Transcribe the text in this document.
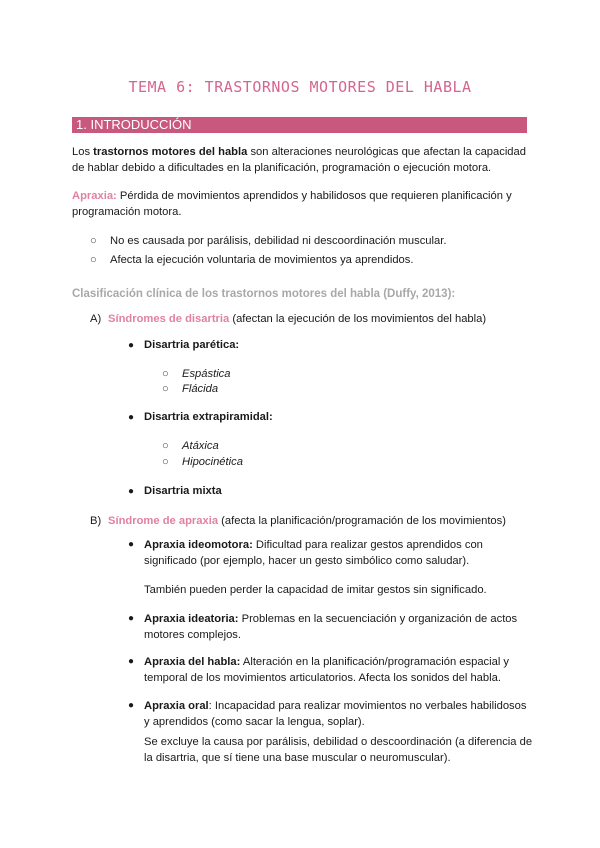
TEMA 6: TRASTORNOS MOTORES DEL HABLA
1. INTRODUCCIÓN

Los trastornos motores del habla son alteraciones neurológicas que afectan la capacidad de hablar debido a dificultades en la planificación, programación o ejecución motora.

Apraxia: Pérdida de movimientos aprendidos y habilidosos que requieren planificación y programación motora.

○ No es causada por parálisis, debilidad ni descoordinación muscular.
○ Afecta la ejecución voluntaria de movimientos ya aprendidos.
Clasificación clínica de los trastornos motores del habla (Duffy, 2013):
A) Síndromes de disartria (afectan la ejecución de los movimientos del habla)
● Disartria parética:
○ Espástica
○ Flácida
● Disartria extrapiramidal:
○ Atáxica
○ Hipocinética
● Disartria mixta
B) Síndrome de apraxia (afecta la planificación/programación de los movimientos)
● Apraxia ideomotora: Dificultad para realizar gestos aprendidos con significado (por ejemplo, hacer un gesto simbólico como saludar).

También pueden perder la capacidad de imitar gestos sin significado.

● Apraxia ideatoria: Problemas en la secuenciación y organización de actos motores complejos.

● Apraxia del habla: Alteración en la planificación/programación espacial y temporal de los movimientos articulatorios. Afecta los sonidos del habla.

● Apraxia oral: Incapacidad para realizar movimientos no verbales habilidosos y aprendidos (como sacar la lengua, soplar).

Se excluye la causa por parálisis, debilidad o descoordinación (a diferencia de la disartria, que sí tiene una base muscular o neuromuscular).
